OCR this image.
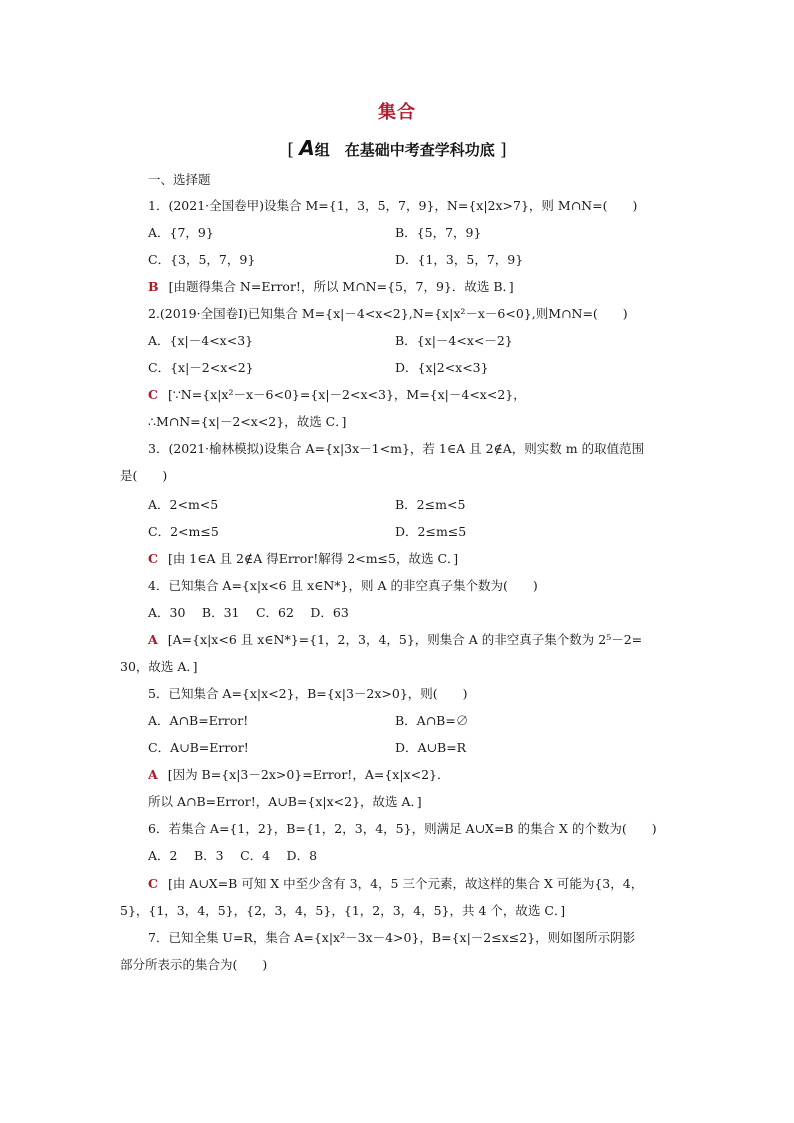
集合
[ A组　 在基础中考查学科功底 ]
一、选择题
1．(2021·全国卷甲)设集合 M={1，3，5，7，9}，N={x|2x>7}，则 M∩N=(　　)
A．{7，9}	B．{5，7，9}
C．{3，5，7，9}	D．{1，3，5，7，9}
B [由题得集合 N=Error!，所以 M∩N={5，7，9}．故选 B．]
2.(2019·全国卷Ⅰ)已知集合 M={x|－4<x<2},N={x|x²－x－6<0},则M∩N=(　　)
A．{x|－4<x<3}	B．{x|－4<x<－2}
C．{x|－2<x<2}	D．{x|2<x<3}
C [∵N={x|x²－x－6<0}={x|－2<x<3}，M={x|－4<x<2}，
∴M∩N={x|－2<x<2}，故选 C．]
3．(2021·榆林模拟)设集合 A={x|3x－1<m}，若 1∈A 且 2∉A，则实数 m 的取值范围
是(　　)
A．2<m<5	B．2≤m<5
C．2<m≤5	D．2≤m≤5
C [由 1∈A 且 2∉A 得Error!解得 2<m≤5，故选 C．]
4．已知集合 A={x|x<6 且 x∈N*}，则 A 的非空真子集个数为(　　)
A．30　 B．31　 C．62　 D．63
A [A={x|x<6 且 x∈N*}={1，2，3，4，5}，则集合 A 的非空真子集个数为 2⁵－2=
30，故选 A．]
5．已知集合 A={x|x<2}，B={x|3－2x>0}，则(　　)
A．A∩B=Error!	B．A∩B=∅
C．A∪B=Error!	D．A∪B=R
A [因为 B={x|3－2x>0}=Error!，A={x|x<2}．
所以 A∩B=Error!，A∪B={x|x<2}，故选 A．]
6．若集合 A={1，2}，B={1，2，3，4，5}，则满足 A∪X=B 的集合 X 的个数为(　　)
A．2　 B．3　 C．4　 D．8
C [由 A∪X=B 可知 X 中至少含有 3，4，5 三个元素，故这样的集合 X 可能为{3，4，
5}，{1，3，4，5}，{2，3，4，5}，{1，2，3，4，5}，共 4 个，故选 C．]
7．已知全集 U=R，集合 A={x|x²－3x－4>0}，B={x|－2≤x≤2}，则如图所示阴影
部分所表示的集合为(　　)
